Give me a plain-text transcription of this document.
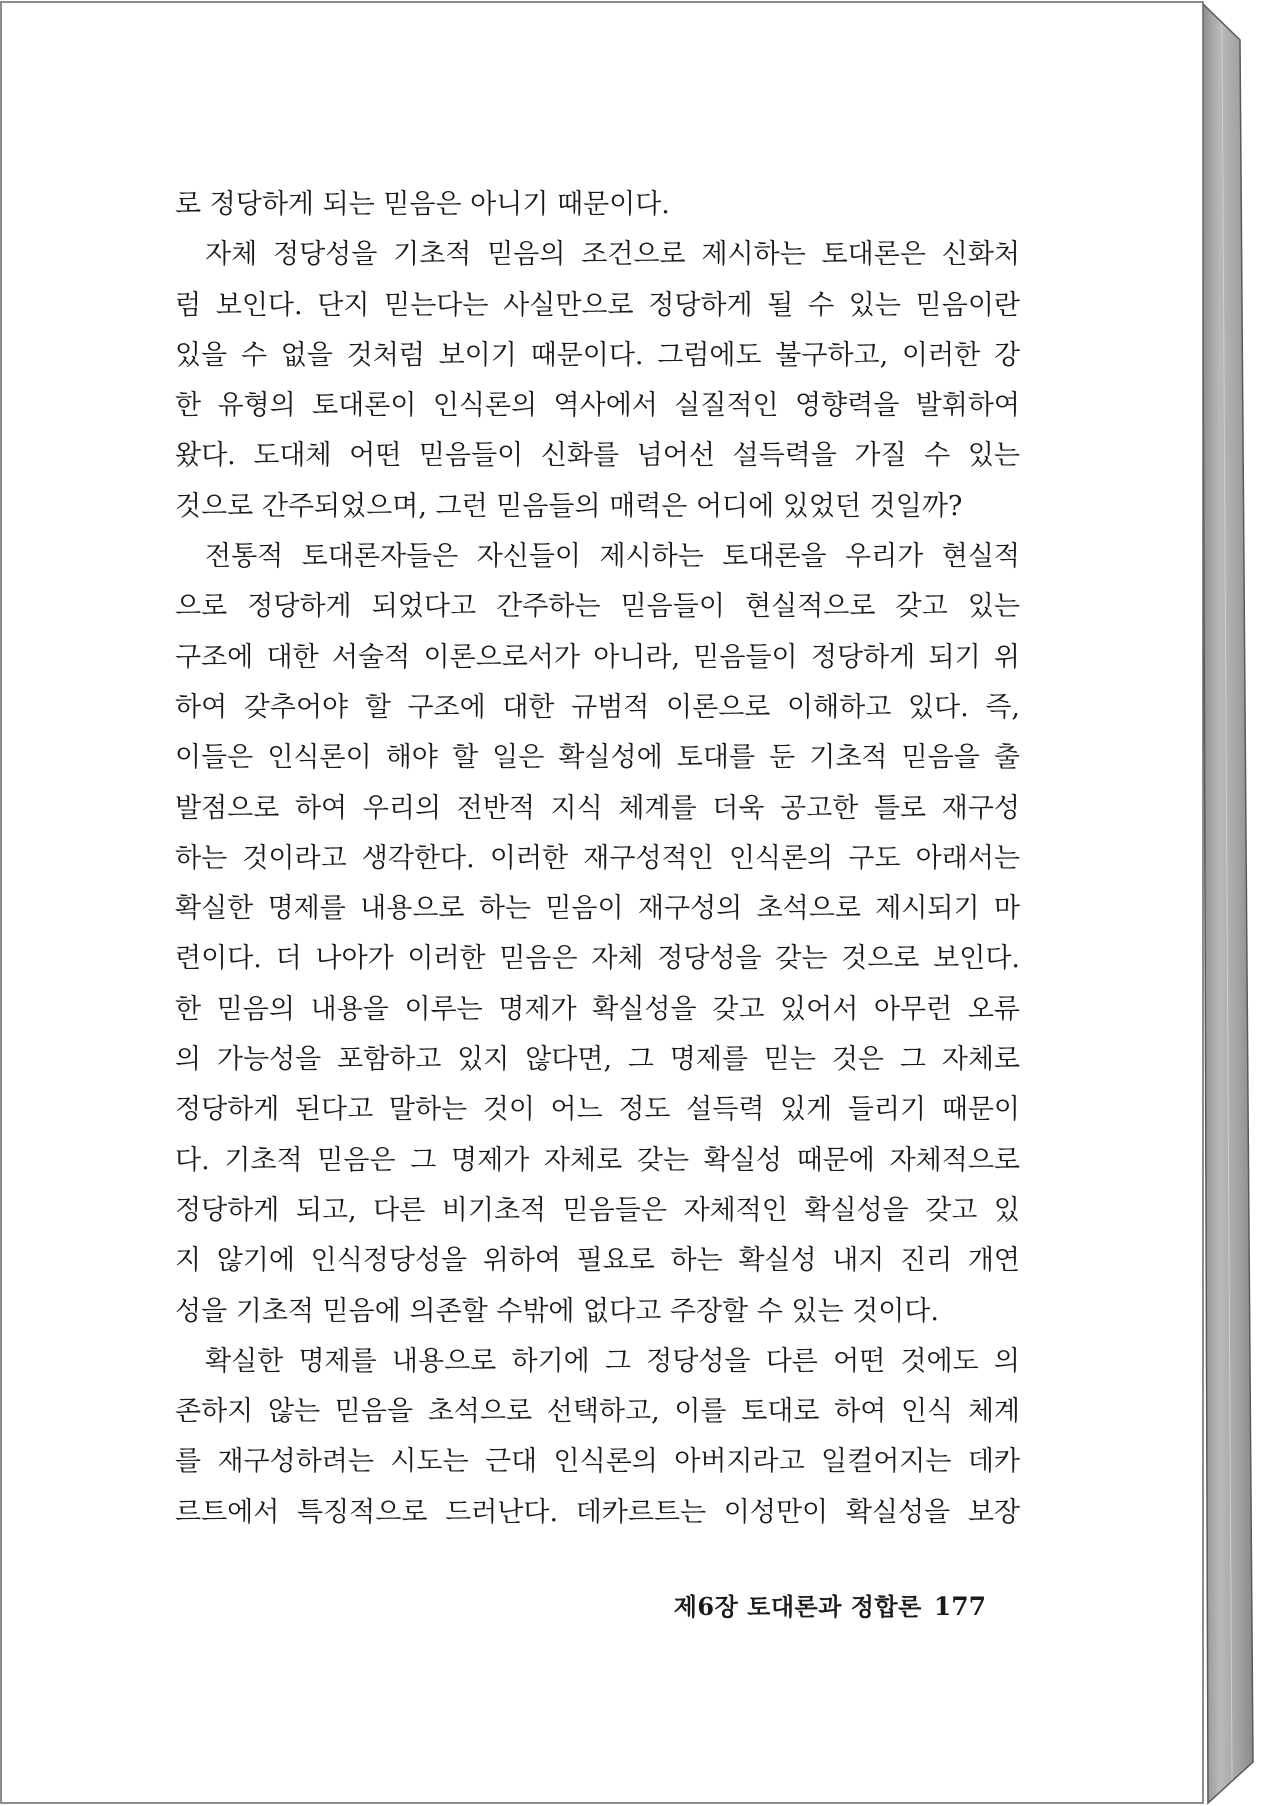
로 정당하게 되는 믿음은 아니기 때문이다.
자체 정당성을 기초적 믿음의 조건으로 제시하는 토대론은 신화처
럼 보인다. 단지 믿는다는 사실만으로 정당하게 될 수 있는 믿음이란
있을 수 없을 것처럼 보이기 때문이다. 그럼에도 불구하고, 이러한 강
한 유형의 토대론이 인식론의 역사에서 실질적인 영향력을 발휘하여
왔다. 도대체 어떤 믿음들이 신화를 넘어선 설득력을 가질 수 있는
것으로 간주되었으며, 그런 믿음들의 매력은 어디에 있었던 것일까?
전통적 토대론자들은 자신들이 제시하는 토대론을 우리가 현실적
으로 정당하게 되었다고 간주하는 믿음들이 현실적으로 갖고 있는
구조에 대한 서술적 이론으로서가 아니라, 믿음들이 정당하게 되기 위
하여 갖추어야 할 구조에 대한 규범적 이론으로 이해하고 있다. 즉,
이들은 인식론이 해야 할 일은 확실성에 토대를 둔 기초적 믿음을 출
발점으로 하여 우리의 전반적 지식 체계를 더욱 공고한 틀로 재구성
하는 것이라고 생각한다. 이러한 재구성적인 인식론의 구도 아래서는
확실한 명제를 내용으로 하는 믿음이 재구성의 초석으로 제시되기 마
련이다. 더 나아가 이러한 믿음은 자체 정당성을 갖는 것으로 보인다.
한 믿음의 내용을 이루는 명제가 확실성을 갖고 있어서 아무런 오류
의 가능성을 포함하고 있지 않다면, 그 명제를 믿는 것은 그 자체로
정당하게 된다고 말하는 것이 어느 정도 설득력 있게 들리기 때문이
다. 기초적 믿음은 그 명제가 자체로 갖는 확실성 때문에 자체적으로
정당하게 되고, 다른 비기초적 믿음들은 자체적인 확실성을 갖고 있
지 않기에 인식정당성을 위하여 필요로 하는 확실성 내지 진리 개연
성을 기초적 믿음에 의존할 수밖에 없다고 주장할 수 있는 것이다.
확실한 명제를 내용으로 하기에 그 정당성을 다른 어떤 것에도 의
존하지 않는 믿음을 초석으로 선택하고, 이를 토대로 하여 인식 체계
를 재구성하려는 시도는 근대 인식론의 아버지라고 일컬어지는 데카
르트에서 특징적으로 드러난다. 데카르트는 이성만이 확실성을 보장
제6장 토대론과 정합론 177
